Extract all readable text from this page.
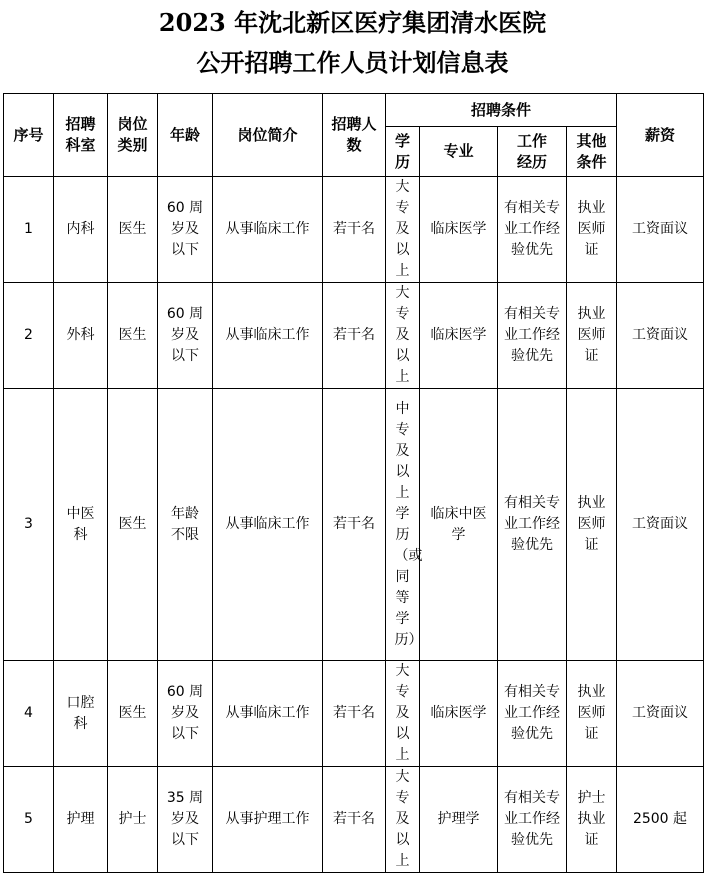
2023 年沈北新区医疗集团清水医院
公开招聘工作人员计划信息表
序号	招聘科室	岗位类别	年龄	岗位简介	招聘人数	招聘条件				薪资

						学历	专业	工作经历	其他条件	

1	内科	医生	60 周岁及以下	从事临床工作	若干名	大专及以上	临床医学	有相关专业工作经验优先	执业医师证	工资面议
2	外科	医生	60 周岁及以下	从事临床工作	若干名	大专及以上	临床医学	有相关专业工作经验优先	执业医师证	工资面议
3	中医科	医生	年龄不限	从事临床工作	若干名	中专及以上学历（或同等学历）	临床中医学	有相关专业工作经验优先	执业医师证	工资面议
4	口腔科	医生	60 周岁及以下	从事临床工作	若干名	大专及以上	临床医学	有相关专业工作经验优先	执业医师证	工资面议
5	护理	护士	35 周岁及以下	从事护理工作	若干名	大专及以上	护理学	有相关专业工作经验优先	护士执业证	2500 起
